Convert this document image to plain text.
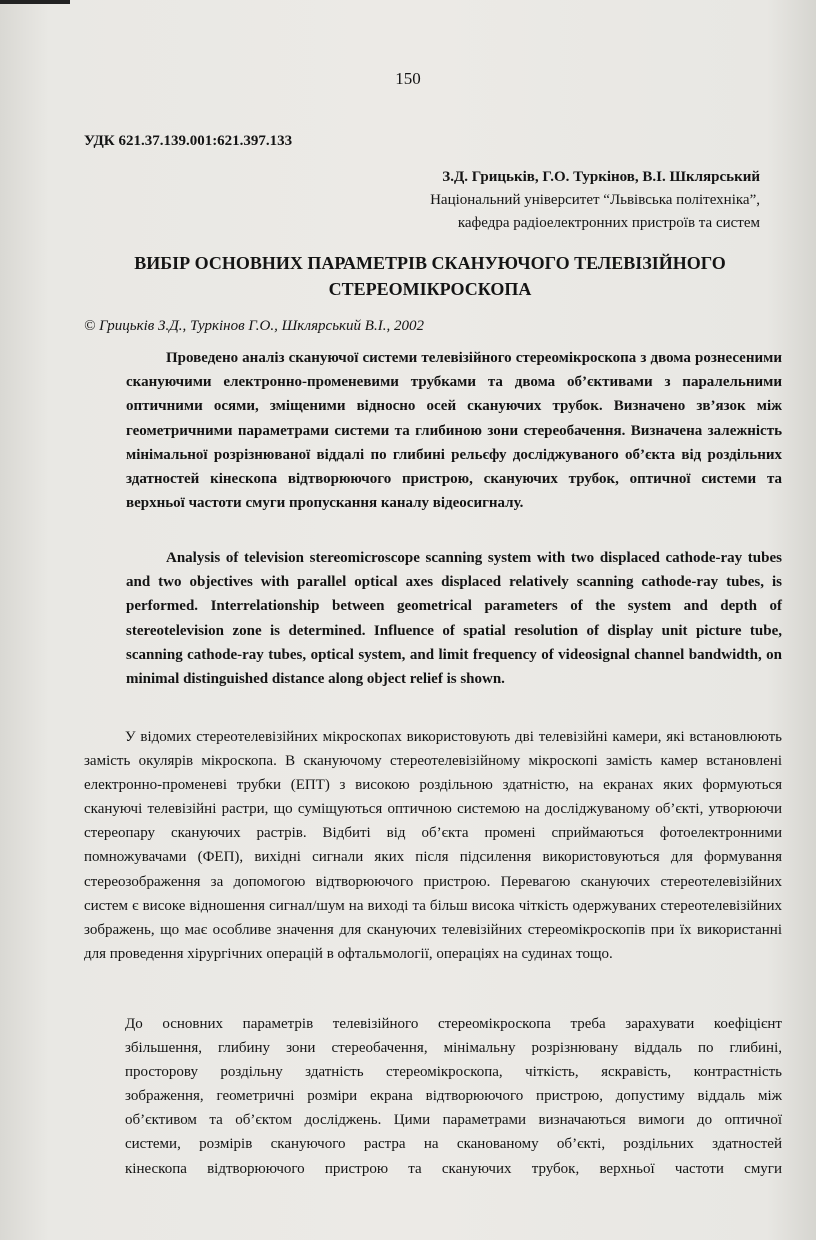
150
УДК 621.37.139.001:621.397.133
З.Д. Грицьків, Г.О. Туркінов, В.І. Шклярський
Національний університет “Львівська політехніка”,
кафедра радіоелектронних пристроїв та систем
ВИБІР ОСНОВНИХ ПАРАМЕТРІВ СКАНУЮЧОГО ТЕЛЕВІЗІЙНОГО
СТЕРЕОМІКРОСКОПА
© Грицьків З.Д., Туркінов Г.О., Шклярський В.І., 2002
Проведено аналіз скануючої системи телевізійного стереомікроскопа з двома рознесеними скануючими електронно-променевими трубками та двома об’єктивами з паралельними оптичними осями, зміщеними відносно осей скануючих трубок. Визначено зв’язок між геометричними параметрами системи та глибиною зони стереобачення. Визначена залежність мінімальної розрізнюваної віддалі по глибині рельєфу досліджуваного об’єкта від роздільних здатностей кінескопа відтворюючого пристрою, скануючих трубок, оптичної системи та верхньої частоти смуги пропускання каналу відеосигналу.
Analysis of television stereomicroscope scanning system with two displaced cathode-ray tubes and two objectives with parallel optical axes displaced relatively scanning cathode-ray tubes, is performed. Interrelationship between geometrical parameters of the system and depth of stereotelevision zone is determined. Influence of spatial resolution of display unit picture tube, scanning cathode-ray tubes, optical system, and limit frequency of videosignal channel bandwidth, on minimal distinguished distance along object relief is shown.
У відомих стереотелевізійних мікроскопах використовують дві телевізійні камери, які встановлюють замість окулярів мікроскопа. В скануючому стереотелевізійному мікроскопі замість камер встановлені електронно-променеві трубки (ЕПТ) з високою роздільною здатністю, на екранах яких формуються скануючі телевізійні растри, що суміщуються оптичною системою на досліджуваному об’єкті, утворюючи стереопару скануючих растрів. Відбиті від об’єкта промені сприймаються фотоелектронними помножувачами (ФЕП), вихідні сигнали яких після підсилення використовуються для формування стереозображення за допомогою відтворюючого пристрою. Перевагою скануючих стереотелевізійних систем є високе відношення сигнал/шум на виході та більш висока чіткість одержуваних стереотелевізійних зображень, що має особливе значення для скануючих телевізійних стереомікроскопів при їх використанні для проведення хірургічних операцій в офтальмології, операціях на судинах тощо.
До основних параметрів телевізійного стереомікроскопа треба зарахувати коефіцієнт
збільшення, глибину зони стереобачення, мінімальну розрізнювану віддаль по глибині,
просторову роздільну здатність стереомікроскопа, чіткість, яскравість, контрастність
зображення, геометричні розміри екрана відтворюючого пристрою, допустиму віддаль між
об’єктивом та об’єктом досліджень. Цими параметрами визначаються вимоги до оптичної
системи, розмірів скануючого растра на сканованому об’єкті, роздільних здатностей
кінескопа відтворюючого пристрою та скануючих трубок, верхньої частоти смуги
